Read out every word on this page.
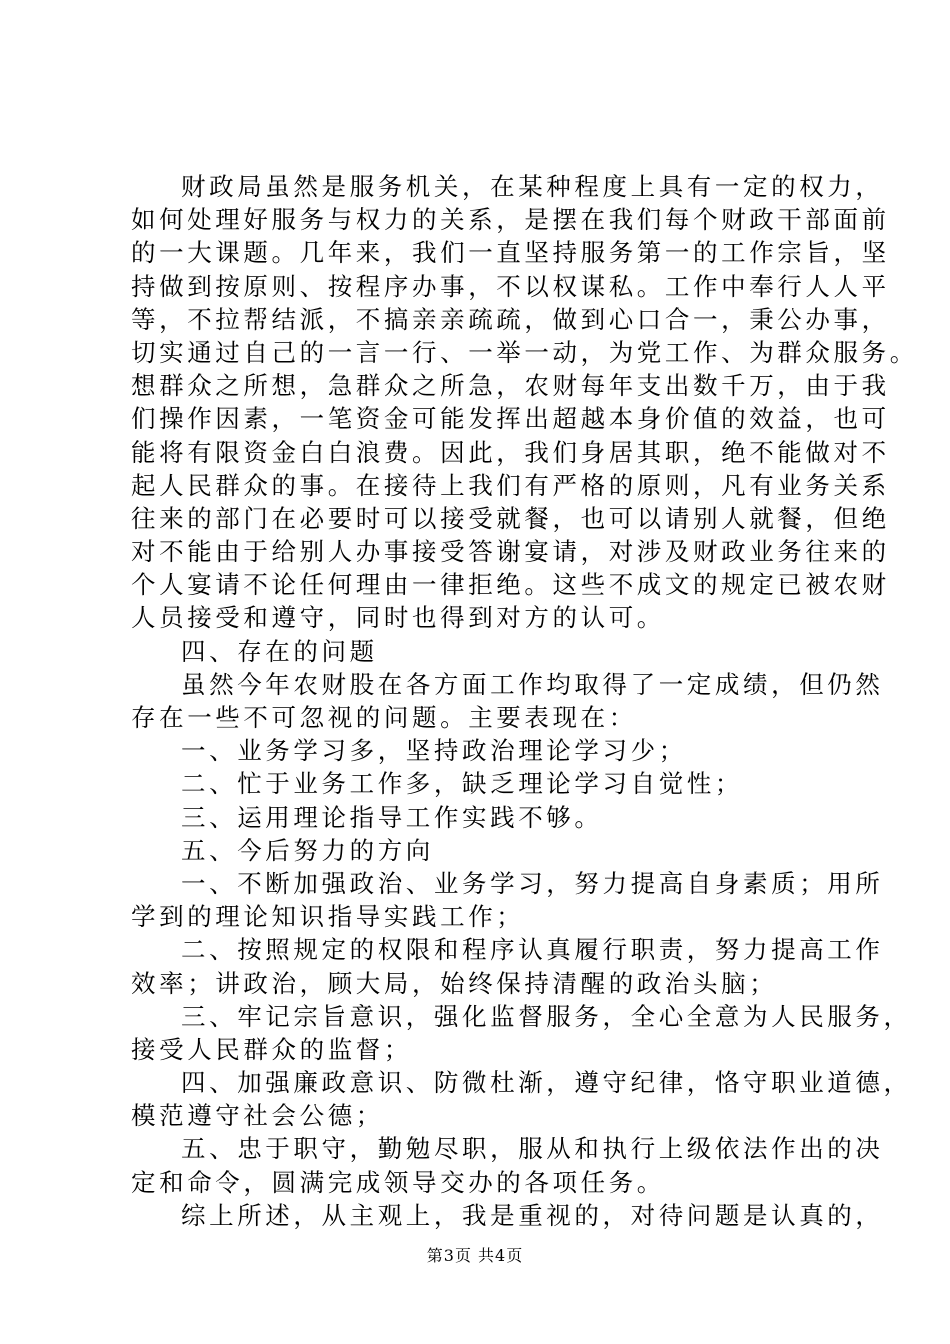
财政局虽然是服务机关，在某种程度上具有一定的权力，
如何处理好服务与权力的关系，是摆在我们每个财政干部面前
的一大课题。几年来，我们一直坚持服务第一的工作宗旨，坚
持做到按原则、按程序办事，不以权谋私。工作中奉行人人平
等，不拉帮结派，不搞亲亲疏疏，做到心口合一，秉公办事，
切实通过自己的一言一行、一举一动，为党工作、为群众服务。
想群众之所想，急群众之所急，农财每年支出数千万，由于我
们操作因素，一笔资金可能发挥出超越本身价值的效益，也可
能将有限资金白白浪费。因此，我们身居其职，绝不能做对不
起人民群众的事。在接待上我们有严格的原则，凡有业务关系
往来的部门在必要时可以接受就餐，也可以请别人就餐，但绝
对不能由于给别人办事接受答谢宴请，对涉及财政业务往来的
个人宴请不论任何理由一律拒绝。这些不成文的规定已被农财
人员接受和遵守，同时也得到对方的认可。
四、存在的问题
虽然今年农财股在各方面工作均取得了一定成绩，但仍然
存在一些不可忽视的问题。主要表现在：
一、业务学习多，坚持政治理论学习少；
二、忙于业务工作多，缺乏理论学习自觉性；
三、运用理论指导工作实践不够。
五、今后努力的方向
一、不断加强政治、业务学习，努力提高自身素质；用所
学到的理论知识指导实践工作；
二、按照规定的权限和程序认真履行职责，努力提高工作
效率；讲政治，顾大局，始终保持清醒的政治头脑；
三、牢记宗旨意识，强化监督服务，全心全意为人民服务，
接受人民群众的监督；
四、加强廉政意识、防微杜渐，遵守纪律，恪守职业道德，
模范遵守社会公德；
五、忠于职守，勤勉尽职，服从和执行上级依法作出的决
定和命令，圆满完成领导交办的各项任务。
综上所述，从主观上，我是重视的，对待问题是认真的，
第3页 共4页
